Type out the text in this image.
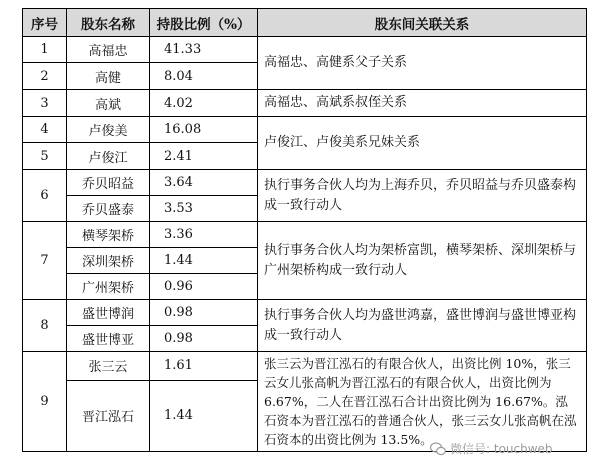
序号	股东名称	持股比例（%）	股东间关联关系
1	高福忠	41.33	高福忠、高健系父子关系
2	高健	8.04	
3	高斌	4.02	高福忠、高斌系叔侄关系
4	卢俊美	16.08	卢俊江、卢俊美系兄妹关系
5	卢俊江	2.41	
6	乔贝昭益	3.64	执行事务合伙人均为上海乔贝，乔贝昭益与乔贝盛泰构成一致行动人
	乔贝盛泰	3.53	
7	横琴架桥	3.36	执行事务合伙人均为架桥富凯，横琴架桥、深圳架桥与广州架桥构成一致行动人
	深圳架桥	1.44	
	广州架桥	0.96	
8	盛世博润	0.98	执行事务合伙人均为盛世鸿嘉，盛世博润与盛世博亚构成一致行动人
	盛世博亚	0.98	
9	张三云	1.61	张三云为晋江泓石的有限合伙人，出资比例 10%，张三云女儿张高帆为晋江泓石的有限合伙人，出资比例为6.67%，二人在晋江泓石合计出资比例为 16.67%。泓石资本为晋江泓石的普通合伙人，张三云女儿张高帆在泓石资本的出资比例为 13.5%。
	晋江泓石	1.44	
微信号: touchweb
